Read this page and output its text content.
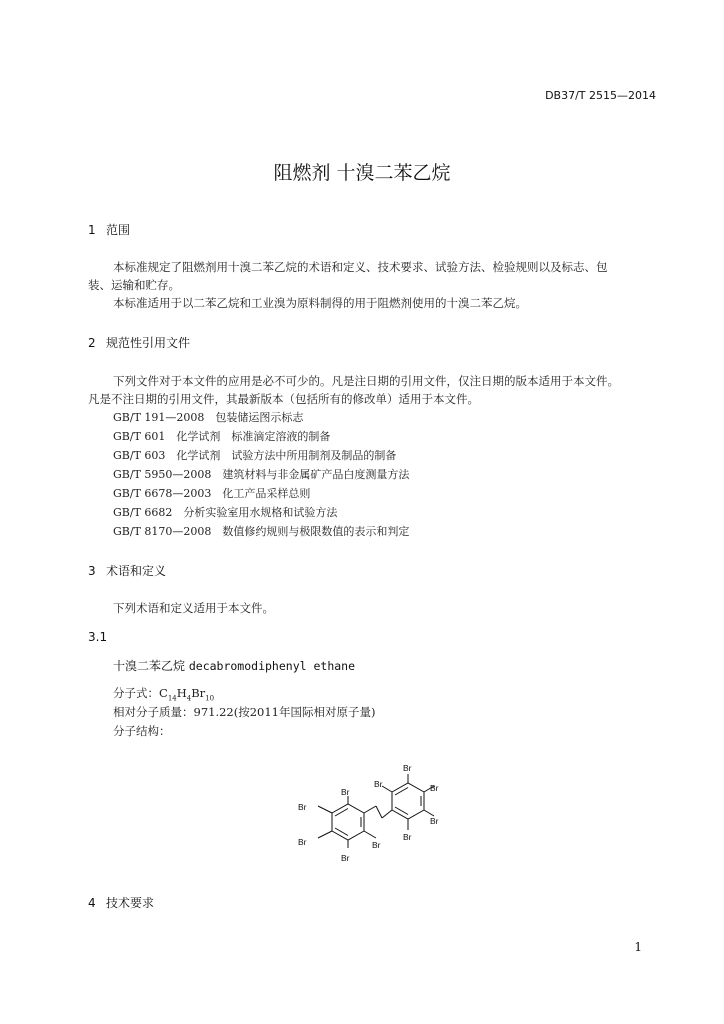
DB37/T 2515—2014
阻燃剂 十溴二苯乙烷
1 范围
本标准规定了阻燃剂用十溴二苯乙烷的术语和定义、技术要求、试验方法、检验规则以及标志、包
装、运输和贮存。
本标准适用于以二苯乙烷和工业溴为原料制得的用于阻燃剂使用的十溴二苯乙烷。
2 规范性引用文件
下列文件对于本文件的应用是必不可少的。凡是注日期的引用文件，仅注日期的版本适用于本文件。
凡是不注日期的引用文件，其最新版本（包括所有的修改单）适用于本文件。
GB/T 191—2008　包装储运图示标志
GB/T 601　化学试剂　标准滴定溶液的制备
GB/T 603　化学试剂　试验方法中所用制剂及制品的制备
GB/T 5950—2008　建筑材料与非金属矿产品白度测量方法
GB/T 6678—2003　化工产品采样总则
GB/T 6682　分析实验室用水规格和试验方法
GB/T 8170—2008　数值修约规则与极限数值的表示和判定
3 术语和定义
下列术语和定义适用于本文件。
3.1
十溴二苯乙烷 decabromodiphenyl ethane
分子式：$C_{14}H_4Br_{10}$
相对分子质量：971.22(按2011年国际相对原子量)
分子结构：
Br
Br
Br
Br
Br
Br
Br
Br
Br
Br
4 技术要求
1
